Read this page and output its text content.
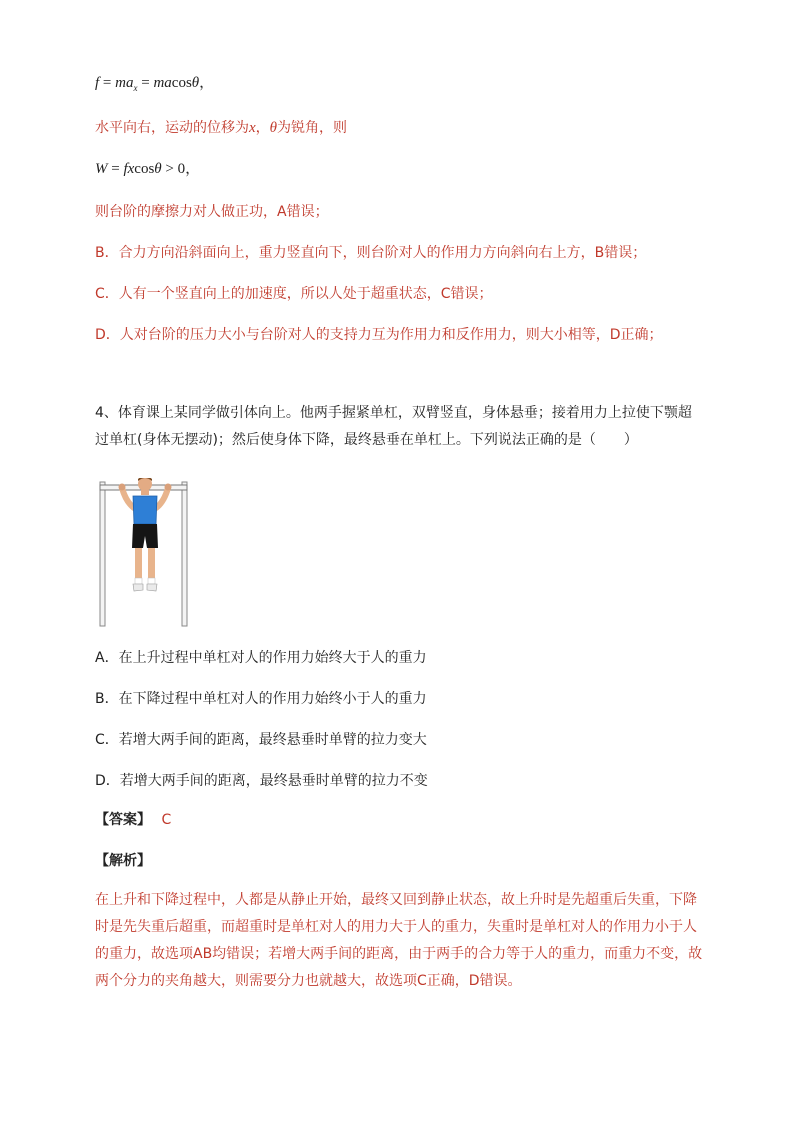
$f = ma_x = macos\theta$，
水平向右，运动的位移为x，θ为锐角，则
W = fxcosθ > 0，
则台阶的摩擦力对人做正功，A错误；
B．合力方向沿斜面向上，重力竖直向下，则台阶对人的作用力方向斜向右上方，B错误；
C．人有一个竖直向上的加速度，所以人处于超重状态，C错误；
D．人对台阶的压力大小与台阶对人的支持力互为作用力和反作用力，则大小相等，D正确；
4、体育课上某同学做引体向上。他两手握紧单杠，双臂竖直，身体悬垂；接着用力上拉使下颚超过单杠(身体无摆动)；然后使身体下降，最终悬垂在单杠上。下列说法正确的是（　　）
A．在上升过程中单杠对人的作用力始终大于人的重力
B．在下降过程中单杠对人的作用力始终小于人的重力
C．若增大两手间的距离，最终悬垂时单臂的拉力变大
D．若增大两手间的距离，最终悬垂时单臂的拉力不变
【答案】 C
【解析】
在上升和下降过程中，人都是从静止开始，最终又回到静止状态，故上升时是先超重后失重，下降时是先失重后超重，而超重时是单杠对人的用力大于人的重力，失重时是单杠对人的作用力小于人的重力，故选项AB均错误；若增大两手间的距离，由于两手的合力等于人的重力，而重力不变，故两个分力的夹角越大，则需要分力也就越大，故选项C正确，D错误。
